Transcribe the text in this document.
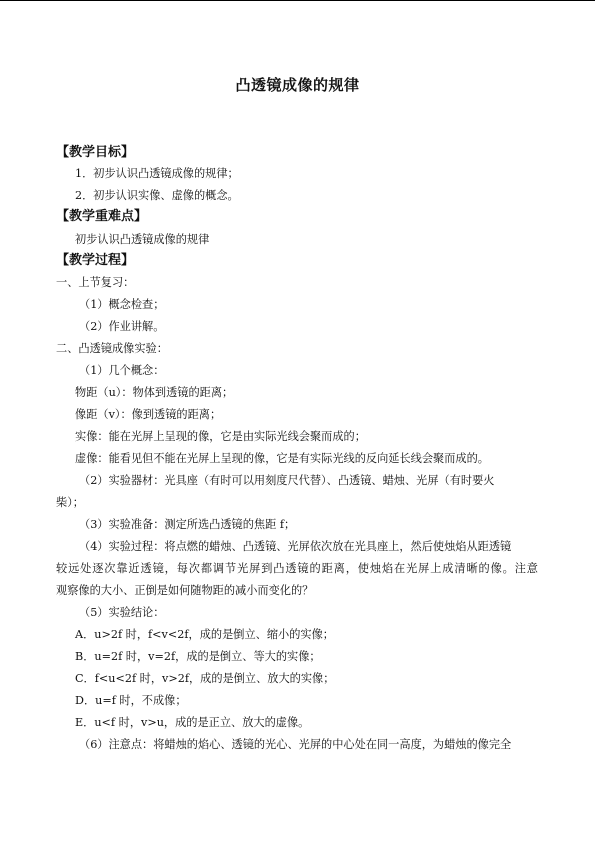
凸透镜成像的规律
【教学目标】
1．初步认识凸透镜成像的规律；
2．初步认识实像、虚像的概念。
【教学重难点】
初步认识凸透镜成像的规律
【教学过程】
一、上节复习：
（1）概念检查；
（2）作业讲解。
二、凸透镜成像实验：
（1）几个概念：
物距（u）：物体到透镜的距离；
像距（v）：像到透镜的距离；
实像：能在光屏上呈现的像，它是由实际光线会聚而成的；
虚像：能看见但不能在光屏上呈现的像，它是有实际光线的反向延长线会聚而成的。
（2）实验器材：光具座（有时可以用刻度尺代替）、凸透镜、蜡烛、光屏（有时要火
柴）；
（3）实验准备：测定所选凸透镜的焦距 f；
（4）实验过程：将点燃的蜡烛、凸透镜、光屏依次放在光具座上，然后使烛焰从距透镜
较远处逐次靠近透镜，每次都调节光屏到凸透镜的距离，使烛焰在光屏上成清晰的像。注意
观察像的大小、正倒是如何随物距的减小而变化的？
（5）实验结论：
A．u>2f 时，f<v<2f，成的是倒立、缩小的实像；
B．u=2f 时，v=2f，成的是倒立、等大的实像；
C．f<u<2f 时，v>2f，成的是倒立、放大的实像；
D．u=f 时，不成像；
E．u<f 时，v>u，成的是正立、放大的虚像。
（6）注意点：将蜡烛的焰心、透镜的光心、光屏的中心处在同一高度，为蜡烛的像完全
